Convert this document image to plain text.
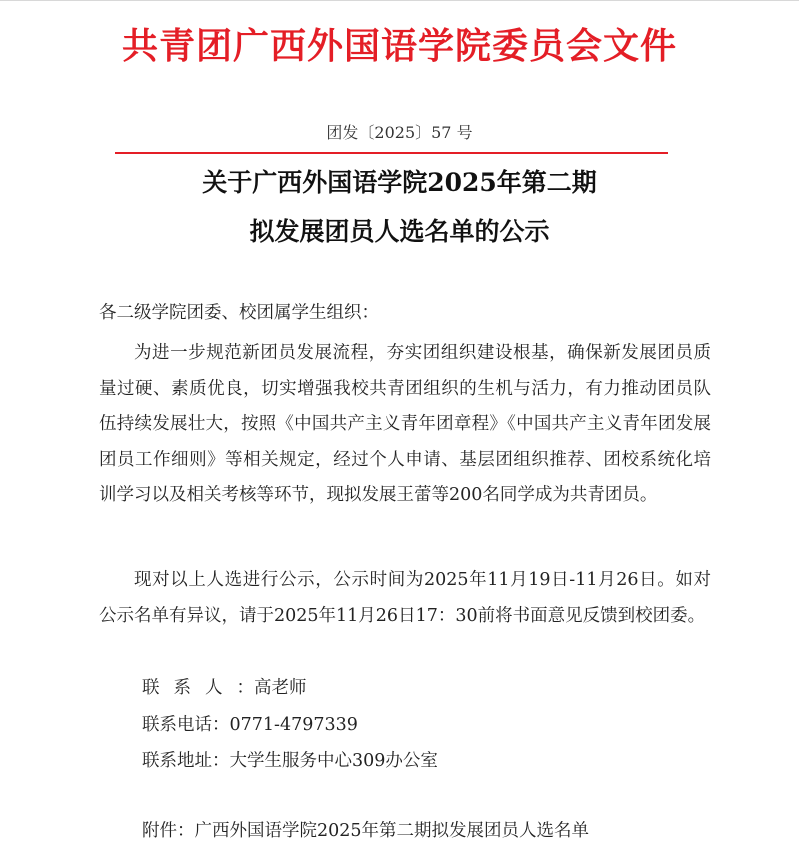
共青团广西外国语学院委员会文件
团发〔2025〕57 号
关于广西外国语学院2025年第二期
拟发展团员人选名单的公示
各二级学院团委、校团属学生组织：
为进一步规范新团员发展流程，夯实团组织建设根基，确保新发展团员质量过硬、素质优良，切实增强我校共青团组织的生机与活力，有力推动团员队伍持续发展壮大，按照《中国共产主义青年团章程》《中国共产主义青年团发展团员工作细则》等相关规定，经过个人申请、基层团组织推荐、团校系统化培训学习以及相关考核等环节，现拟发展王蕾等200名同学成为共青团员。
现对以上人选进行公示，公示时间为2025年11月19日-11月26日。如对公示名单有异议，请于2025年11月26日17：30前将书面意见反馈到校团委。
联系人：高老师
联系电话：0771-4797339
联系地址：大学生服务中心309办公室
附件：广西外国语学院2025年第二期拟发展团员人选名单
